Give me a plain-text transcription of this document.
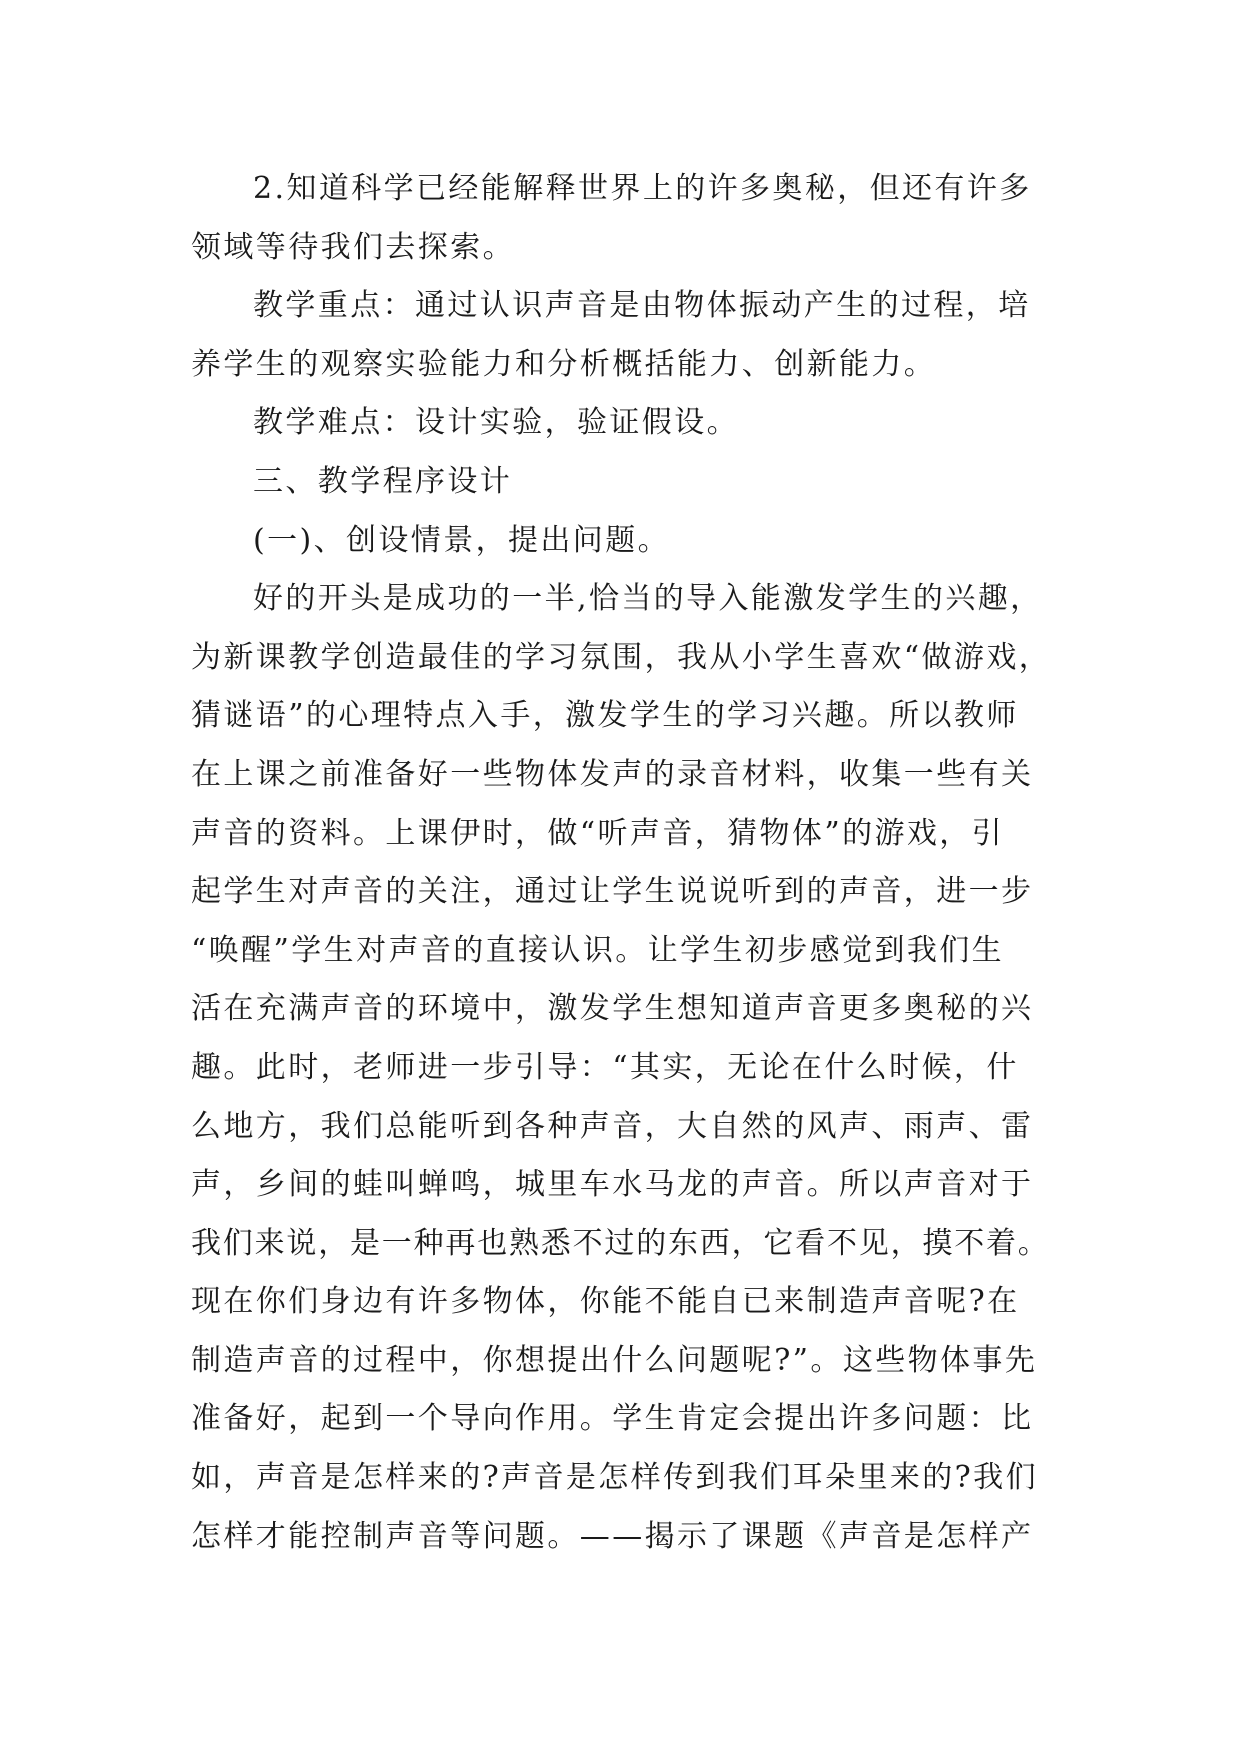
2.知道科学已经能解释世界上的许多奥秘，但还有许多
领域等待我们去探索。
教学重点：通过认识声音是由物体振动产生的过程，培
养学生的观察实验能力和分析概括能力、创新能力。
教学难点：设计实验，验证假设。
三、教学程序设计
(一)、创设情景，提出问题。
好的开头是成功的一半,恰当的导入能激发学生的兴趣，
为新课教学创造最佳的学习氛围，我从小学生喜欢“做游戏，
猜谜语”的心理特点入手，激发学生的学习兴趣。所以教师
在上课之前准备好一些物体发声的录音材料，收集一些有关
声音的资料。上课伊时，做“听声音，猜物体”的游戏，引
起学生对声音的关注，通过让学生说说听到的声音，进一步
“唤醒”学生对声音的直接认识。让学生初步感觉到我们生
活在充满声音的环境中，激发学生想知道声音更多奥秘的兴
趣。此时，老师进一步引导：“其实，无论在什么时候，什
么地方，我们总能听到各种声音，大自然的风声、雨声、雷
声，乡间的蛙叫蝉鸣，城里车水马龙的声音。所以声音对于
我们来说，是一种再也熟悉不过的东西，它看不见，摸不着。
现在你们身边有许多物体，你能不能自已来制造声音呢?在
制造声音的过程中，你想提出什么问题呢?”。这些物体事先
准备好，起到一个导向作用。学生肯定会提出许多问题：比
如，声音是怎样来的?声音是怎样传到我们耳朵里来的?我们
怎样才能控制声音等问题。——揭示了课题《声音是怎样产
